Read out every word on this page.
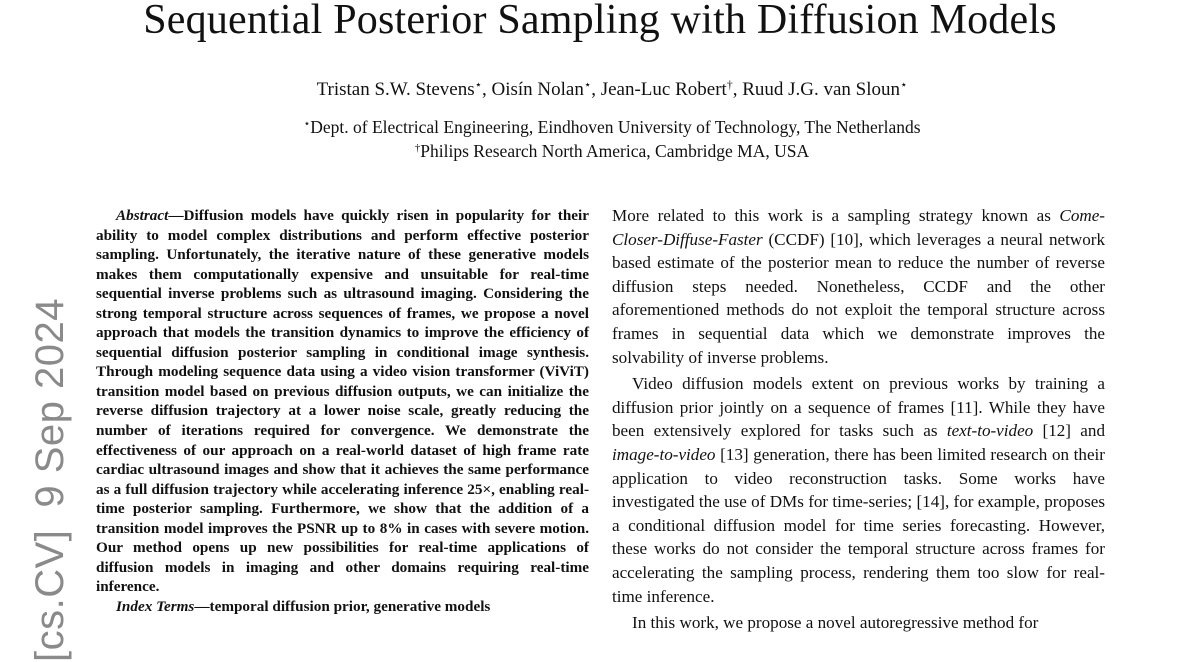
Sequential Posterior Sampling with Diffusion Models
Tristan S.W. Stevens⋆, Oisín Nolan⋆, Jean-Luc Robert†, Ruud J.G. van Sloun⋆
⋆Dept. of Electrical Engineering, Eindhoven University of Technology, The Netherlands
†Philips Research North America, Cambridge MA, USA
[cs.CV]9 Sep 2024

Abstract—Diffusion models have quickly risen in popularity for their ability to model complex distributions and perform effective posterior sampling. Unfortunately, the iterative nature of these generative models makes them computationally expensive and unsuitable for real-time sequential inverse problems such as ultrasound imaging. Considering the strong temporal structure across sequences of frames, we propose a novel approach that models the transition dynamics to improve the efficiency of sequential diffusion posterior sampling in conditional image synthesis. Through modeling sequence data using a video vision transformer (ViViT) transition model based on previous diffusion outputs, we can initialize the reverse diffusion trajectory at a lower noise scale, greatly reducing the number of iterations required for convergence. We demonstrate the effectiveness of our approach on a real-world dataset of high frame rate cardiac ultrasound images and show that it achieves the same performance as a full diffusion trajectory while accelerating inference 25×, enabling real-time posterior sampling. Furthermore, we show that the addition of a transition model improves the PSNR up to 8% in cases with severe motion. Our method opens up new possibilities for real-time applications of diffusion models in imaging and other domains requiring real-time inference.

Index Terms—temporal diffusion prior, generative models

More related to this work is a sampling strategy known as Come-Closer-Diffuse-Faster (CCDF) [10], which leverages a neural network based estimate of the posterior mean to reduce the number of reverse diffusion steps needed. Nonetheless, CCDF and the other aforementioned methods do not exploit the temporal structure across frames in sequential data which we demonstrate improves the solvability of inverse problems.

Video diffusion models extent on previous works by training a diffusion prior jointly on a sequence of frames [11]. While they have been extensively explored for tasks such as text-to-video [12] and image-to-video [13] generation, there has been limited research on their application to video reconstruction tasks. Some works have investigated the use of DMs for time-series; [14], for example, proposes a conditional diffusion model for time series forecasting. However, these works do not consider the temporal structure across frames for accelerating the sampling process, rendering them too slow for real-time inference.

In this work, we propose a novel autoregressive method for
